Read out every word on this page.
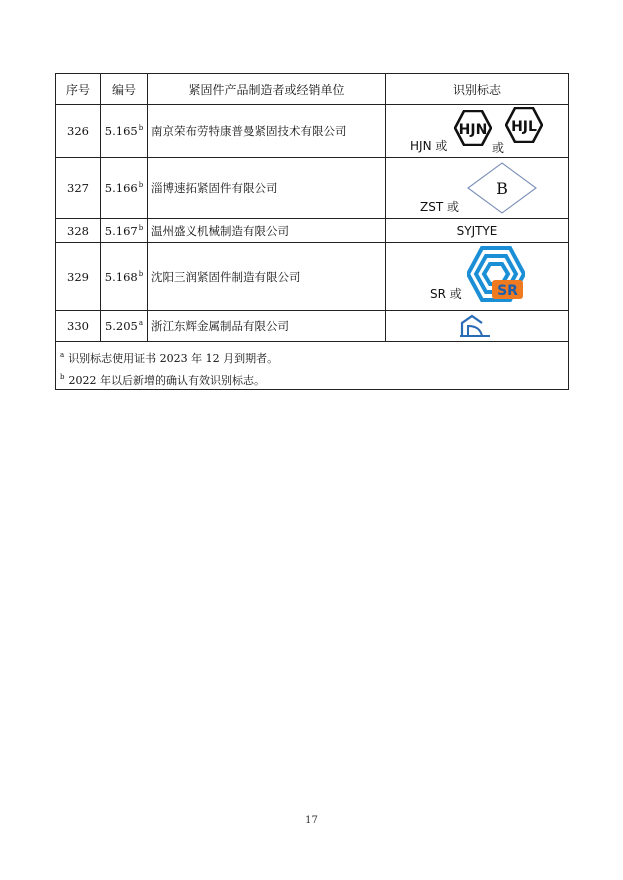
序号	编号	紧固件产品制造者或经销单位	识别标志
326	5.165$^b$	南京荣布劳特康普曼紧固技术有限公司	HJN 或
HJN
或
HJL

327	5.166$^b$	淄博速拓紧固件有限公司	ZST 或
B

328	5.167$^b$	温州盛义机械制造有限公司	SYJTYE
329	5.168$^b$	沈阳三润紧固件制造有限公司	SR 或 SR

330	5.205$^a$	浙江东辉金属制品有限公司	

$^a$ 识别标志使用证书 2023 年 12 月到期者。
$^b$ 2022 年以后新增的确认有效识别标志。			
17
